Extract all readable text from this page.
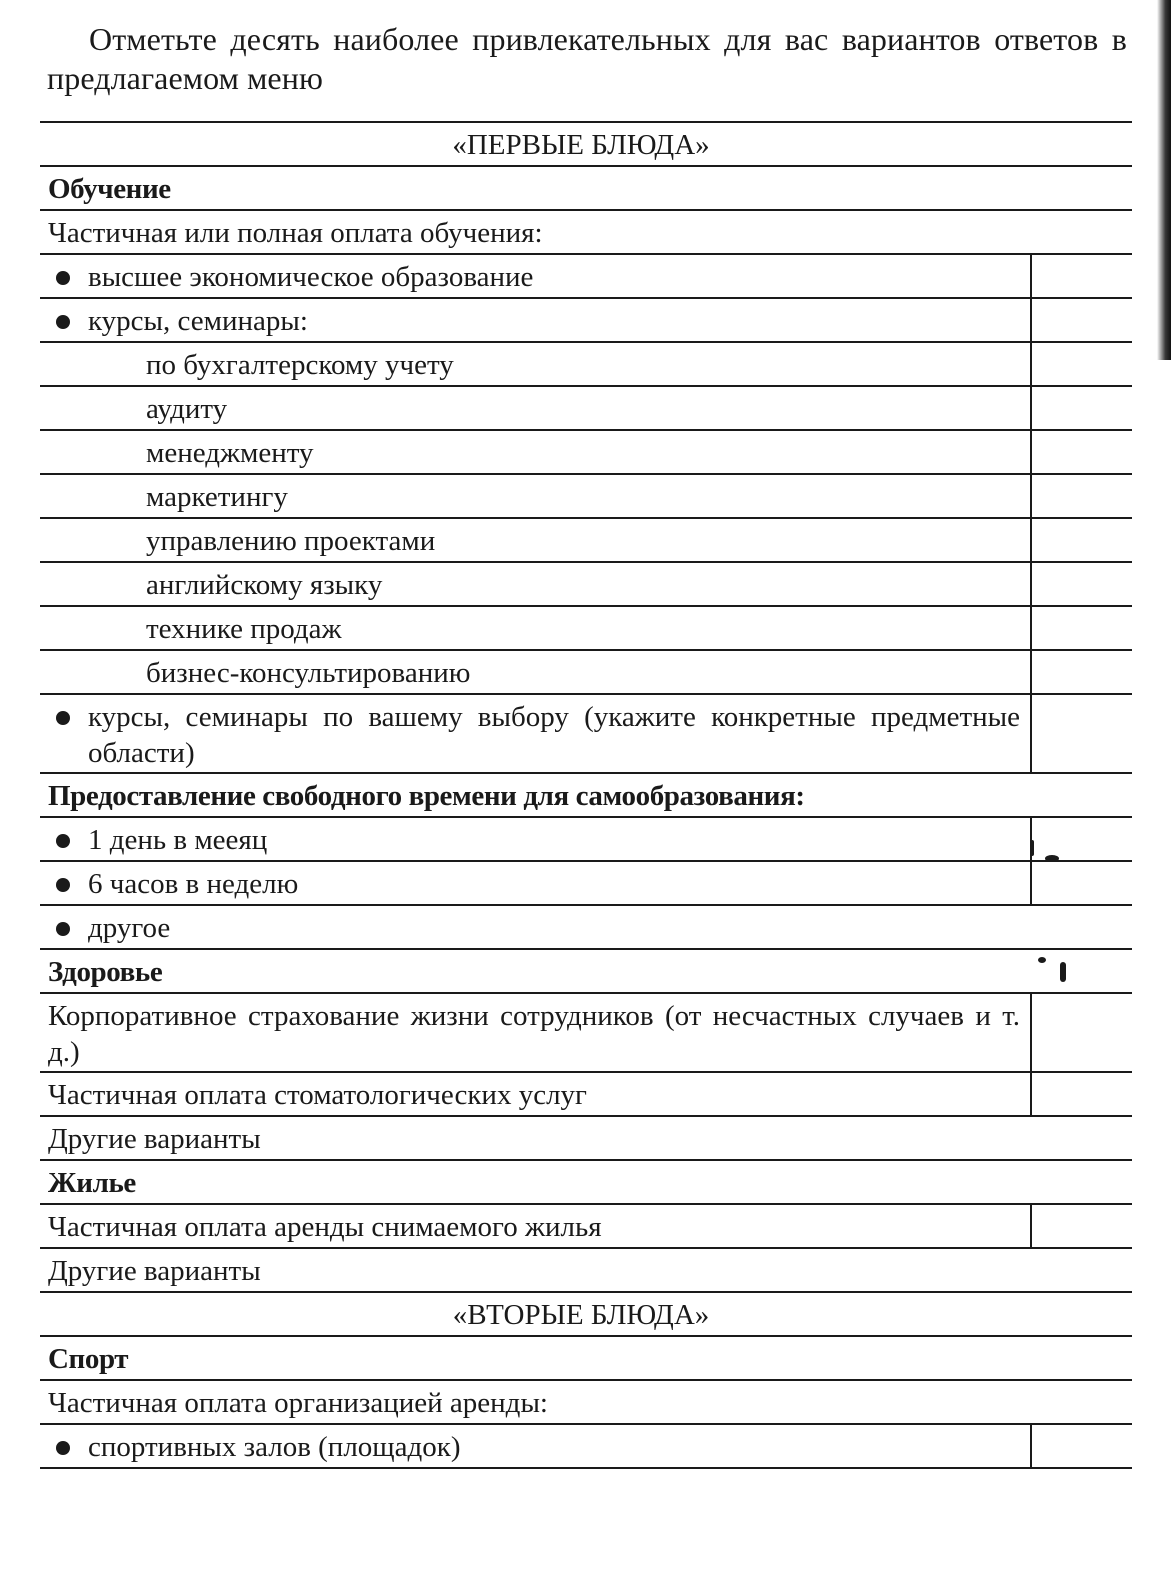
Отметьте десять наиболее привлекательных для вас вариантов ответов в предлагаемом меню
«ПЕРВЫЕ БЛЮДА»
Обучение
Частичная или полная оплата обучения:
высшее экономическое образование
курсы, семинары:
по бухгалтерскому учету
аудиту
менеджменту
маркетингу
управлению проектами
английскому языку
технике продаж
бизнес-консультированию
курсы, семинары по вашему выбору (укажите конкретные предметные области)
Предоставление свободного времени для самообразования:
1 день в меeяц
6 часов в неделю
другое
Здоровье
Корпоративное страхование жизни сотрудников (от несчастных случаев и т. д.)
Частичная оплата стоматологических услуг
Другие варианты
Жилье
Частичная оплата аренды снимаемого жилья
Другие варианты
«ВТОРЫЕ БЛЮДА»
Спорт
Частичная оплата организацией аренды:
спортивных залов (площадок)
